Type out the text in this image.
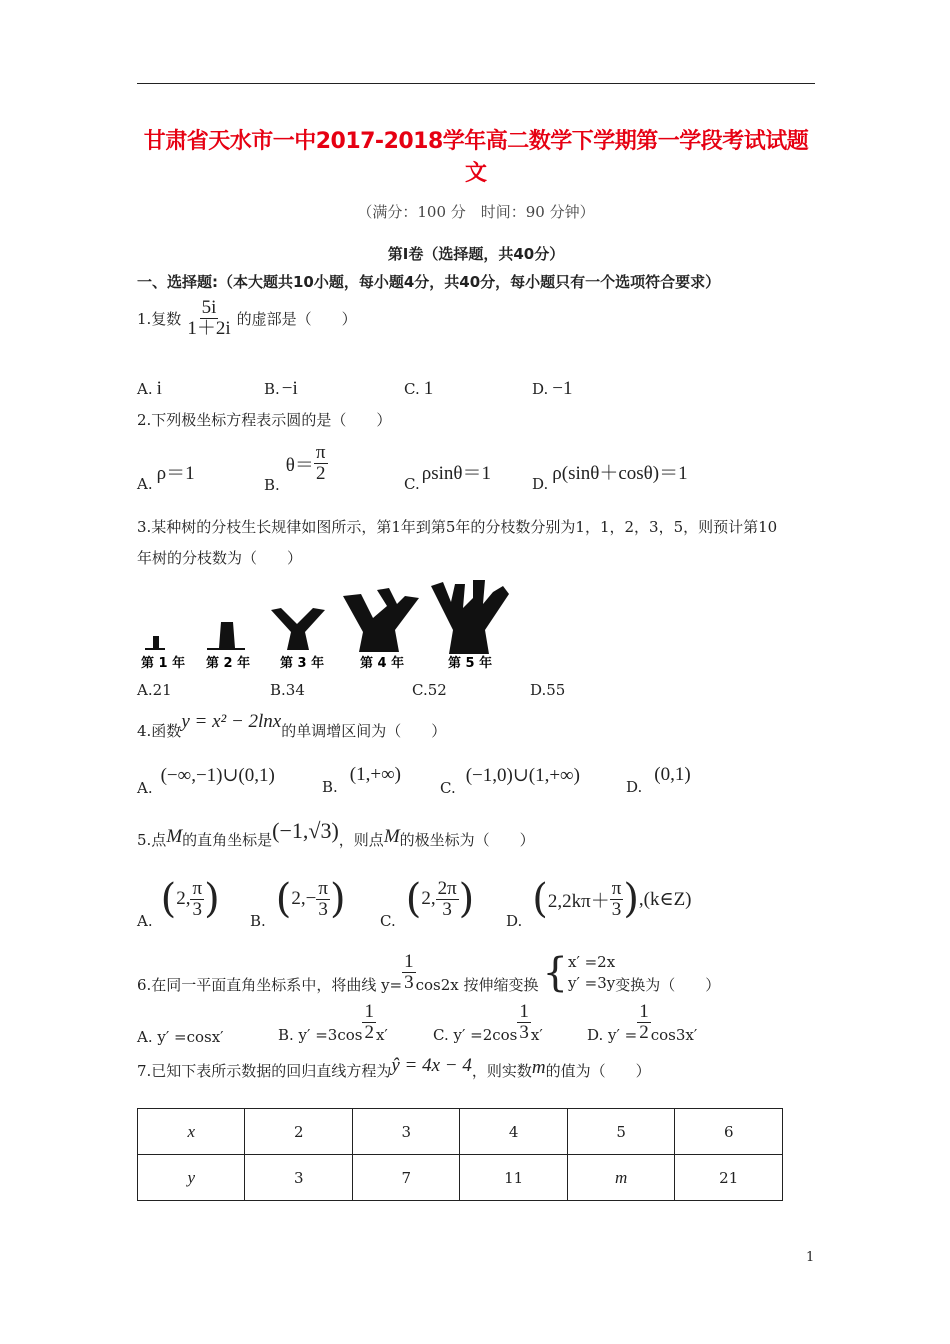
甘肃省天水市一中2017-2018学年高二数学下学期第一学段考试试题
文
（满分：100 分　时间：90 分钟）
第Ⅰ卷（选择题，共40分）
一、选择题:（本大题共10小题，每小题4分，共40分，每小题只有一个选项符合要求）
1.复数 $\frac{5i}{1+2i}$ 的虚部是（　　）
A. i	B. −i	C. 1	D. −1
2.下列极坐标方程表示圆的是（　　）
A. ρ＝1
B.
$\theta= \frac{\pi}{2}$
C. ρsinθ＝1	D. ρ(sinθ＋cosθ)＝1
3.某种树的分枝生长规律如图所示，第1年到第5年的分枝数分别为1，1，2，3，5，则预计第10
年树的分枝数为（　　）
第 1 年 第 2 年 第 3 年	第 4 年	第 5 年
A.21	B.34	C.52	D.55
4.函数 y = x² − 2lnx 的单调增区间为（　　）
A.(−∞,−1)∪(0,1)
B.(1,+∞)
C.(−1,0)∪(1,+∞)
D.(0,1)
5.点 M 的直角坐标是 (−1,√3) ，则点 M 的极坐标为（　　）
A. ( 2, $\frac{\pi}{3}$ ) B. ( $2,- \frac{\pi}{3}$ ) C. ( 2, $\frac{2\pi}{3}$ ) D. ( $2,2k\pi+ \frac{\pi}{3}$ ) ,(k∈Z)
6.在同一平面直角坐标系中，将曲线 $y= \frac{1}{3} \cos 2x$ 按伸缩变换 { x′ =2x
y′ =3y 变换为（　　）
A. y′ =cosx′	B. $y' =3\cos \frac{1}{2} x'$	C. $y' =2\cos \frac{1}{3} x'$	D. $y' = \frac{1}{2} \cos 3x'$
7.已知下表所示数据的回归直线方程为 ŷ = 4x − 4 ，则实数 m 的值为（　　）
x	2	3	4	5	6
y	3	7	11	m	21
1
